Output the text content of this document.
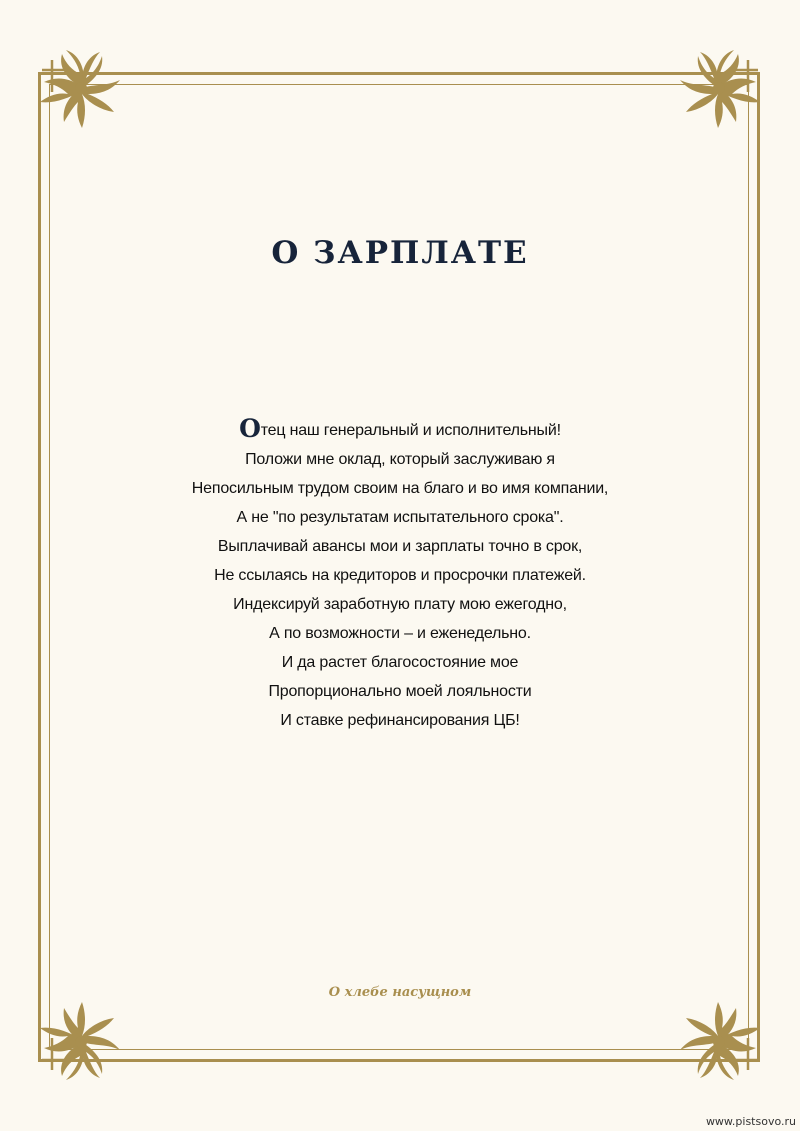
О ЗАРПЛАТЕ
Отец наш генеральный и исполнительный!
Положи мне оклад, который заслуживаю я
Непосильным трудом своим на благо и во имя компании,
А не "по результатам испытательного срока".
Выплачивай авансы мои и зарплаты точно в срок,
Не ссылаясь на кредиторов и просрочки платежей.
Индексируй заработную плату мою ежегодно,
А по возможности – и еженедельно.
И да растет благосостояние мое
Пропорционально моей лояльности
И ставке рефинансирования ЦБ!
О хлебе насущном
www.pistsovo.ru
